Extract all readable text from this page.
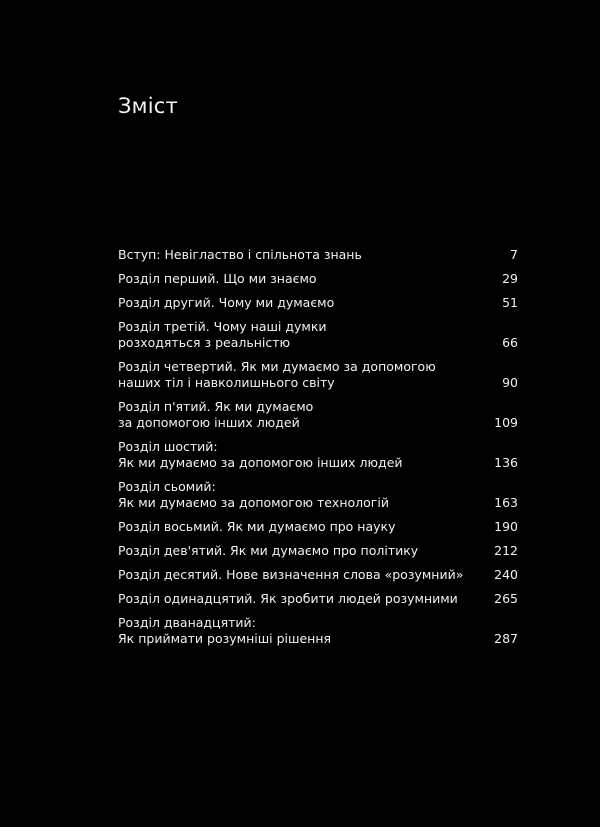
Зміст
Вступ: Невігластво і спільнота знань	7
Розділ перший. Що ми знаємо	29
Розділ другий. Чому ми думаємо	51
Розділ третій. Чому наші думки
розходяться з реальністю	66
Розділ четвертий. Як ми думаємо за допомогою
наших тіл і навколишнього світу	90
Розділ п'ятий. Як ми думаємо
за допомогою інших людей	109
Розділ шостий:
Як ми думаємо за допомогою інших людей	136
Розділ сьомий:
Як ми думаємо за допомогою технологій	163
Розділ восьмий. Як ми думаємо про науку	190
Розділ дев'ятий. Як ми думаємо про політику	212
Розділ десятий. Нове визначення слова «розумний»	240
Розділ одинадцятий. Як зробити людей розумними	265
Розділ дванадцятий:
Як приймати розумніші рішення	287
